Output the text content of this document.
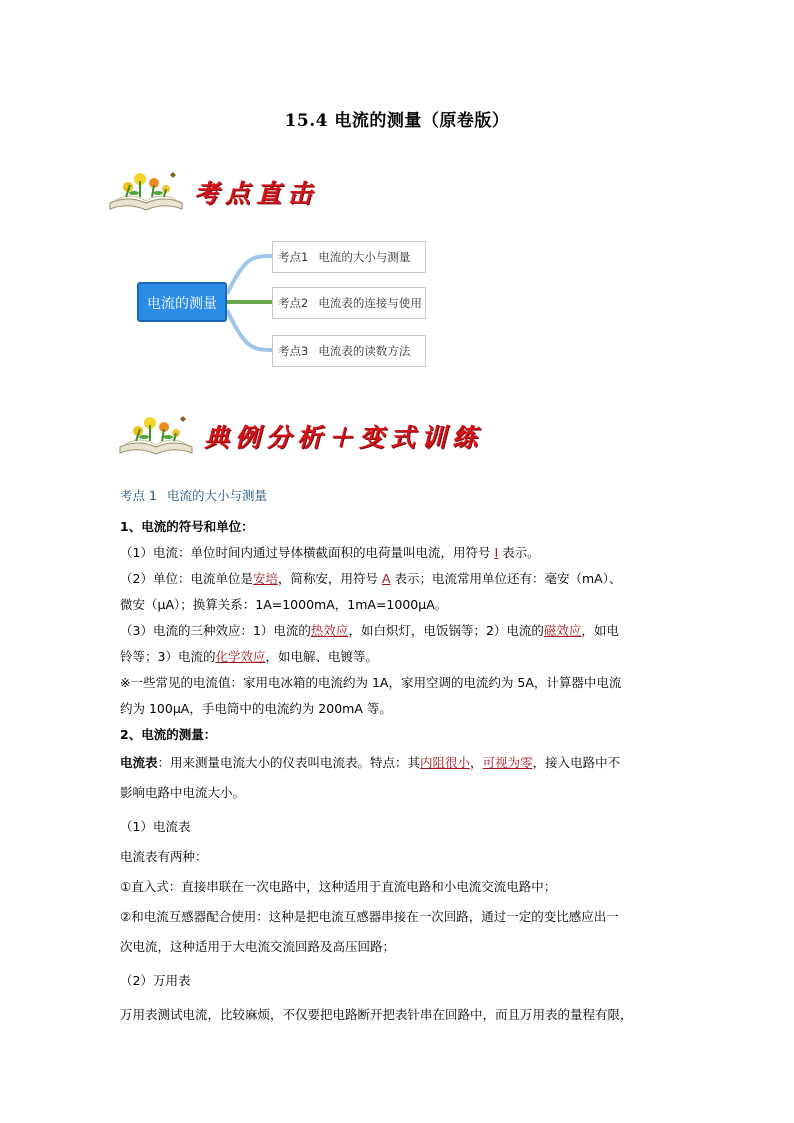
15.4 电流的测量（原卷版）
考点直击
电流的测量
考点1 电流的大小与测量
考点2 电流表的连接与使用
考点3 电流表的读数方法
典例分析＋变式训练
考点 1 电流的大小与测量

1、电流的符号和单位：

（1）电流：单位时间内通过导体横截面积的电荷量叫电流，用符号 I 表示。

（2）单位：电流单位是安培，简称安，用符号 A 表示；电流常用单位还有：毫安（mA）、
微安（μA）；换算关系：1A=1000mA，1mA=1000μA。

（3）电流的三种效应：1）电流的热效应，如白炽灯，电饭锅等；2）电流的磁效应，如电
铃等；3）电流的化学效应，如电解、电镀等。

※一些常见的电流值：家用电冰箱的电流约为 1A，家用空调的电流约为 5A，计算器中电流
约为 100μA，手电筒中的电流约为 200mA 等。

2、电流的测量：

电流表：用来测量电流大小的仪表叫电流表。特点：其内阻很小，可视为零，接入电路中不
影响电路中电流大小。

（1）电流表

电流表有两种：

①直入式：直接串联在一次电路中，这种适用于直流电路和小电流交流电路中；

②和电流互感器配合使用：这种是把电流互感器串接在一次回路，通过一定的变比感应出一
次电流，这种适用于大电流交流回路及高压回路；

（2）万用表

万用表测试电流，比较麻烦，不仅要把电路断开把表针串在回路中，而且万用表的量程有限，
